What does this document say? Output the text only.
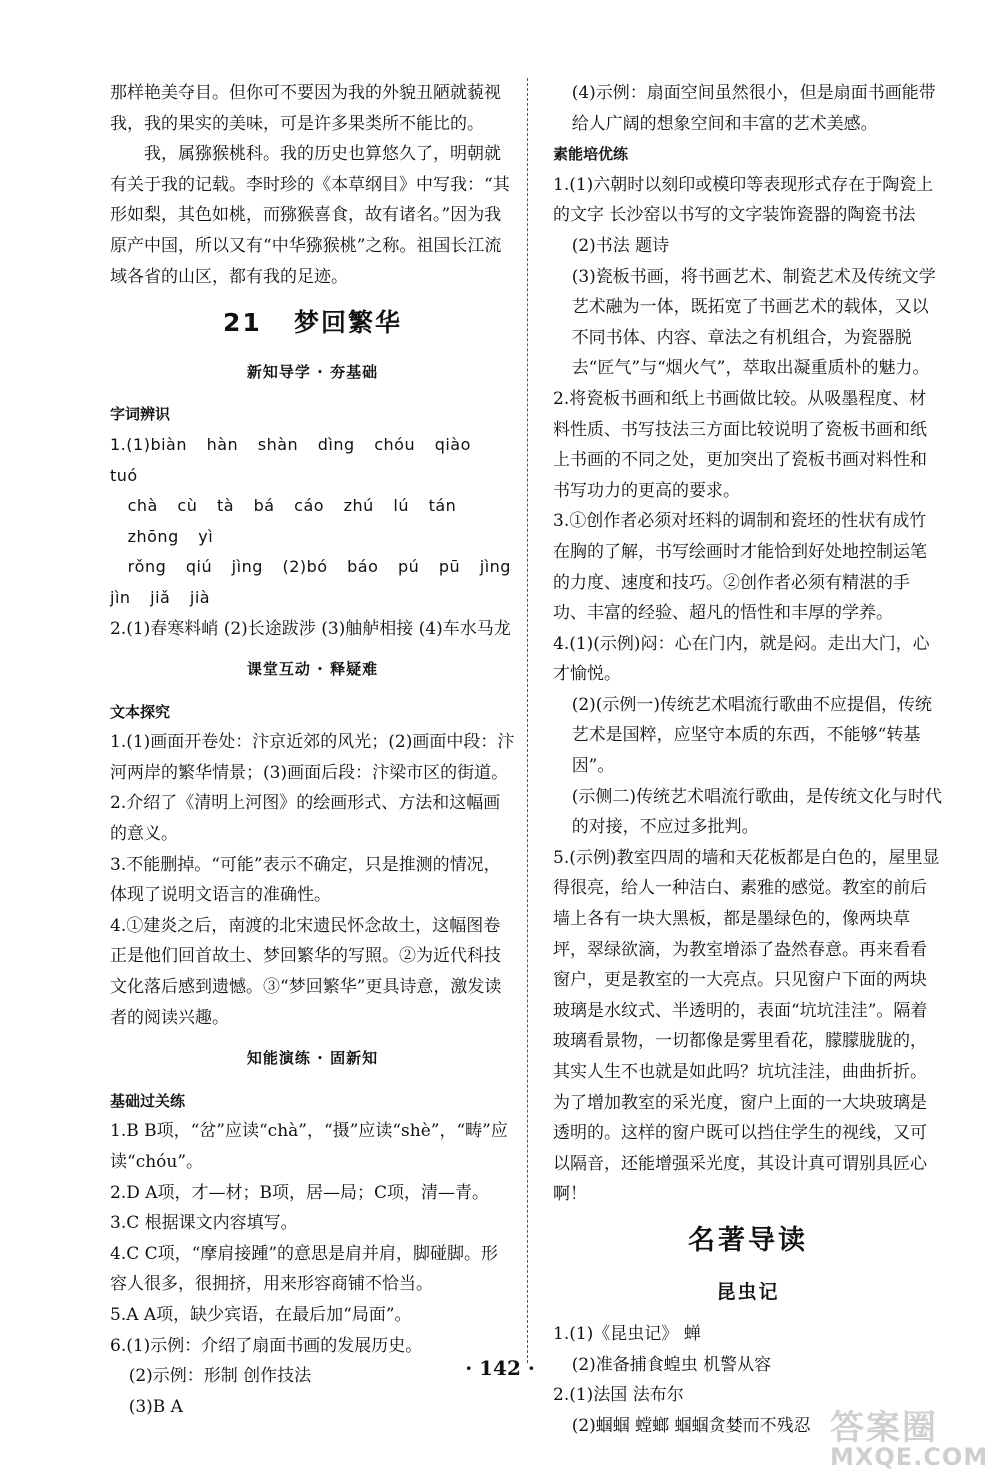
那样艳美夺目。但你可不要因为我的外貌丑陋就藐视我，我的果实的美味，可是许多果类所不能比的。

我，属猕猴桃科。我的历史也算悠久了，明朝就有关于我的记载。李时珍的《本草纲目》中写我：“其形如梨，其色如桃，而猕猴喜食，故有诸名。”因为我原产中国，所以又有“中华猕猴桃”之称。祖国长江流域各省的山区，都有我的足迹。

21 梦回繁华
新知导学 · 夯基础

字词辨识

1.(1)biàn hàn shàn dìng chóu qiào tuó

chà cù tà bá cáo zhú lú tán zhōng yì

rǒng qiú jìng (2)bó báo pú pū jìng

jìn jiǎ jià

2.(1)春寒料峭 (2)长途跋涉 (3)舳舻相接 (4)车水马龙

课堂互动 · 释疑难

文本探究

1.(1)画面开卷处：汴京近郊的风光；(2)画面中段：汴河两岸的繁华情景；(3)画面后段：汴梁市区的街道。

2.介绍了《清明上河图》的绘画形式、方法和这幅画的意义。

3.不能删掉。“可能”表示不确定，只是推测的情况，体现了说明文语言的准确性。

4.①建炎之后，南渡的北宋遗民怀念故土，这幅图卷正是他们回首故土、梦回繁华的写照。②为近代科技文化落后感到遗憾。③“梦回繁华”更具诗意，激发读者的阅读兴趣。

知能演练 · 固新知

基础过关练

1.B B项，“岔”应读“chà”，“摄”应读“shè”，“畴”应读“chóu”。

2.D A项，才—材；B项，居—局；C项，清—青。

3.C 根据课文内容填写。

4.C C项，“摩肩接踵”的意思是肩并肩，脚碰脚。形容人很多，很拥挤，用来形容商铺不恰当。

5.A A项，缺少宾语，在最后加“局面”。

6.(1)示例：介绍了扇面书画的发展历史。

(2)示例：形制 创作技法

(3)B A

(4)示例：扇面空间虽然很小，但是扇面书画能带给人广阔的想象空间和丰富的艺术美感。

素能培优练

1.(1)六朝时以刻印或模印等表现形式存在于陶瓷上的文字 长沙窑以书写的文字装饰瓷器的陶瓷书法

(2)书法 题诗

(3)瓷板书画，将书画艺术、制瓷艺术及传统文学艺术融为一体，既拓宽了书画艺术的载体，又以不同书体、内容、章法之有机组合，为瓷器脱去“匠气”与“烟火气”，萃取出凝重质朴的魅力。

2.将瓷板书画和纸上书画做比较。从吸墨程度、材料性质、书写技法三方面比较说明了瓷板书画和纸上书画的不同之处，更加突出了瓷板书画对料性和书写功力的更高的要求。

3.①创作者必须对坯料的调制和瓷坯的性状有成竹在胸的了解，书写绘画时才能恰到好处地控制运笔的力度、速度和技巧。②创作者必须有精湛的手功、丰富的经验、超凡的悟性和丰厚的学养。

4.(1)(示例)闷：心在门内，就是闷。走出大门，心才愉悦。

(2)(示例一)传统艺术唱流行歌曲不应提倡，传统艺术是国粹，应坚守本质的东西，不能够“转基因”。

(示侧二)传统艺术唱流行歌曲，是传统文化与时代的对接，不应过多批判。

5.(示例)教室四周的墙和天花板都是白色的，屋里显得很亮，给人一种洁白、素雅的感觉。教室的前后墙上各有一块大黑板，都是墨绿色的，像两块草坪，翠绿欲滴，为教室增添了盎然春意。再来看看窗户，更是教室的一大亮点。只见窗户下面的两块玻璃是水纹式、半透明的，表面“坑坑洼洼”。隔着玻璃看景物，一切都像是雾里看花，朦朦胧胧的，其实人生不也就是如此吗？坑坑洼洼，曲曲折折。为了增加教室的采光度，窗户上面的一大块玻璃是透明的。这样的窗户既可以挡住学生的视线，又可以隔音，还能增强采光度，其设计真可谓别具匠心啊！

名著导读
昆虫记

1.(1)《昆虫记》 蝉

(2)准备捕食蝗虫 机警从容

2.(1)法国 法布尔

(2)蝈蝈 螳螂 蝈蝈贪婪而不残忍

· 142 ·
答案圈
MXQE.COM
